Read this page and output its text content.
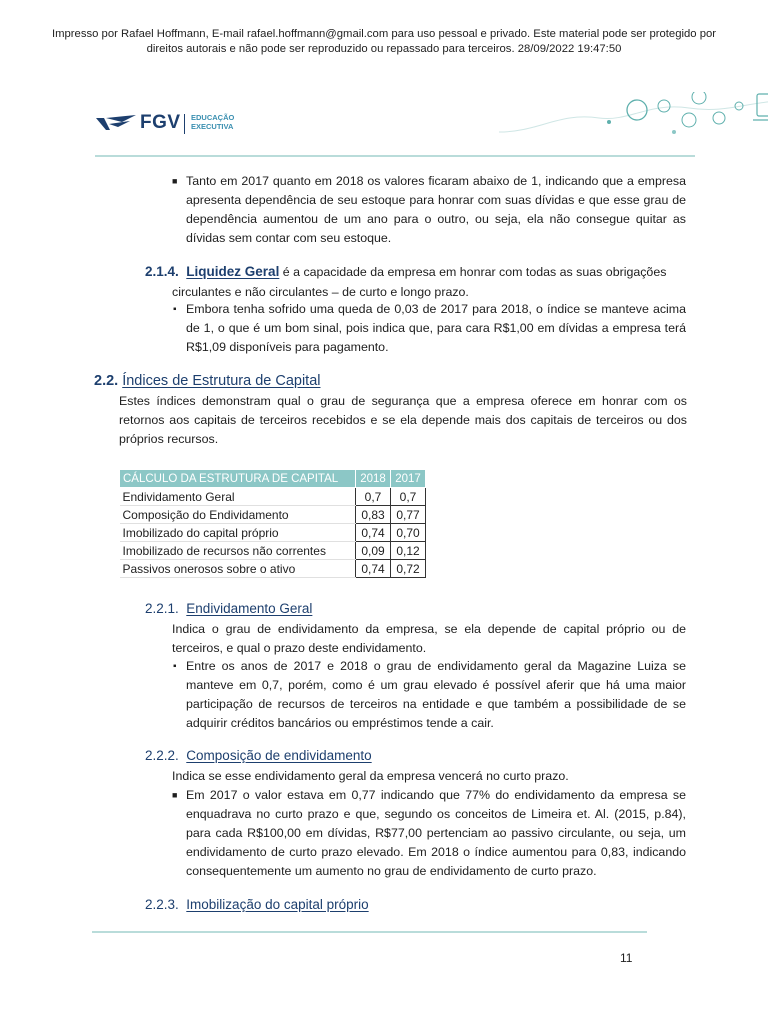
Impresso por Rafael Hoffmann, E-mail rafael.hoffmann@gmail.com para uso pessoal e privado. Este material pode ser protegido por
direitos autorais e não pode ser reproduzido ou repassado para terceiros. 28/09/2022 19:47:50
FGV EDUCAÇÃO
EXECUTIVA
■ Tanto em 2017 quanto em 2018 os valores ficaram abaixo de 1, indicando que a empresa apresenta dependência de seu estoque para honrar com suas dívidas e que esse grau de dependência aumentou de um ano para o outro, ou seja, ela não consegue quitar as dívidas sem contar com seu estoque.
2.1.4. Liquidez Geral é a capacidade da empresa em honrar com todas as suas obrigações
circulantes e não circulantes – de curto e longo prazo.
▪ Embora tenha sofrido uma queda de 0,03 de 2017 para 2018, o índice se manteve acima de 1, o que é um bom sinal, pois indica que, para cara R$1,00 em dívidas a empresa terá R$1,09 disponíveis para pagamento.
2.2. Índices de Estrutura de Capital
Estes índices demonstram qual o grau de segurança que a empresa oferece em honrar com os retornos aos capitais de terceiros recebidos e se ela depende mais dos capitais de terceiros ou dos próprios recursos.
CÁLCULO DA ESTRUTURA DE CAPITAL	2018	2017
Endividamento Geral	0,7	0,7
Composição do Endividamento	0,83	0,77
Imobilizado do capital próprio	0,74	0,70
Imobilizado de recursos não correntes	0,09	0,12
Passivos onerosos sobre o ativo	0,74	0,72
2.2.1. Endividamento Geral
Indica o grau de endividamento da empresa, se ela depende de capital próprio ou de terceiros, e qual o prazo deste endividamento.
▪ Entre os anos de 2017 e 2018 o grau de endividamento geral da Magazine Luiza se manteve em 0,7, porém, como é um grau elevado é possível aferir que há uma maior participação de recursos de terceiros na entidade e que também a possibilidade de se adquirir créditos bancários ou empréstimos tende a cair.
2.2.2. Composição de endividamento
Indica se esse endividamento geral da empresa vencerá no curto prazo.
■ Em 2017 o valor estava em 0,77 indicando que 77% do endividamento da empresa se enquadrava no curto prazo e que, segundo os conceitos de Limeira et. Al. (2015, p.84), para cada R$100,00 em dívidas, R$77,00 pertenciam ao passivo circulante, ou seja, um endividamento de curto prazo elevado. Em 2018 o índice aumentou para 0,83, indicando consequentemente um aumento no grau de endividamento de curto prazo.
2.2.3. Imobilização do capital próprio
11
